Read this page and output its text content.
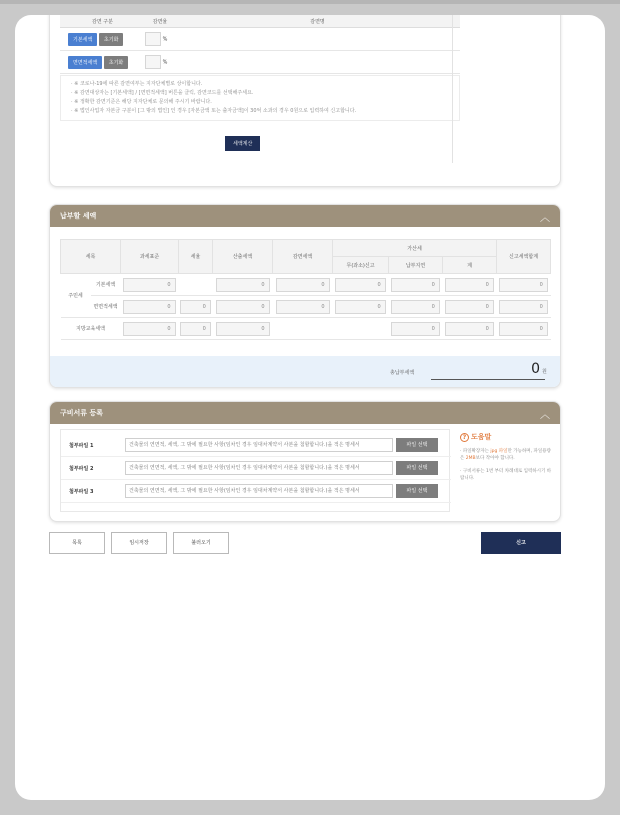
감면 구분	감면율	감면명
기본세액 초기화	%	
면면적세액 초기화	%	
· ※ 코로나-19에 따른 감면여부는 지자단체별로 상이합니다.
· ※ 감면대상자는 [기본세액] / [면면적세액] 버튼을 클릭, 감면코드를 선택해주세요.
· ※ 정확한 감면기준은 해당 지자단체로 문의해 주시기 바랍니다.
· ※ 법인사업자 자본금 구분이 [그 밖의 법인] 인 경우 [자본금액 또는 출자금액]이 30억 소과의 경우 0원으로 입력하여 신고합니다.
세액계산
납부할 세액	︿
세목		과세표준	세율	산출세액	감면세액	가산세			신고세액합계
						무(과소)신고	납부지연	계	
주민세	기본세액	0		0	0	0	0	0	0

	면면적세액	0	0	0	0	0	0	0	0

지방교육세액		0	0	0			0	0	0
총납부세액	0 원
구비서류 등록	︿
첨부파일 1	건축물의 연면적, 세액, 그 밖에 필요한 사항(임차인 경우 임대차계약서 사본을 첨할합니다.)을 적은 명세서	파일 선택
첨부파일 2	건축물의 연면적, 세액, 그 밖에 필요한 사항(임차인 경우 임대차계약서 사본을 첨할합니다.)을 적은 명세서	파일 선택
첨부파일 3	건축물의 연면적, 세액, 그 밖에 필요한 사항(임차인 경우 임대차계약서 사본을 첨할합니다.)을 적은 명세서	파일 선택
? 도움말
· 파일확장자는 jpg 파일만 가능하며, 파일용량은 2MB보다 작아야 합니다.
· 구비서류는 1번 부터 차례대로 입력하시기 바랍니다.
목록	임시저장	불러오기	신고
